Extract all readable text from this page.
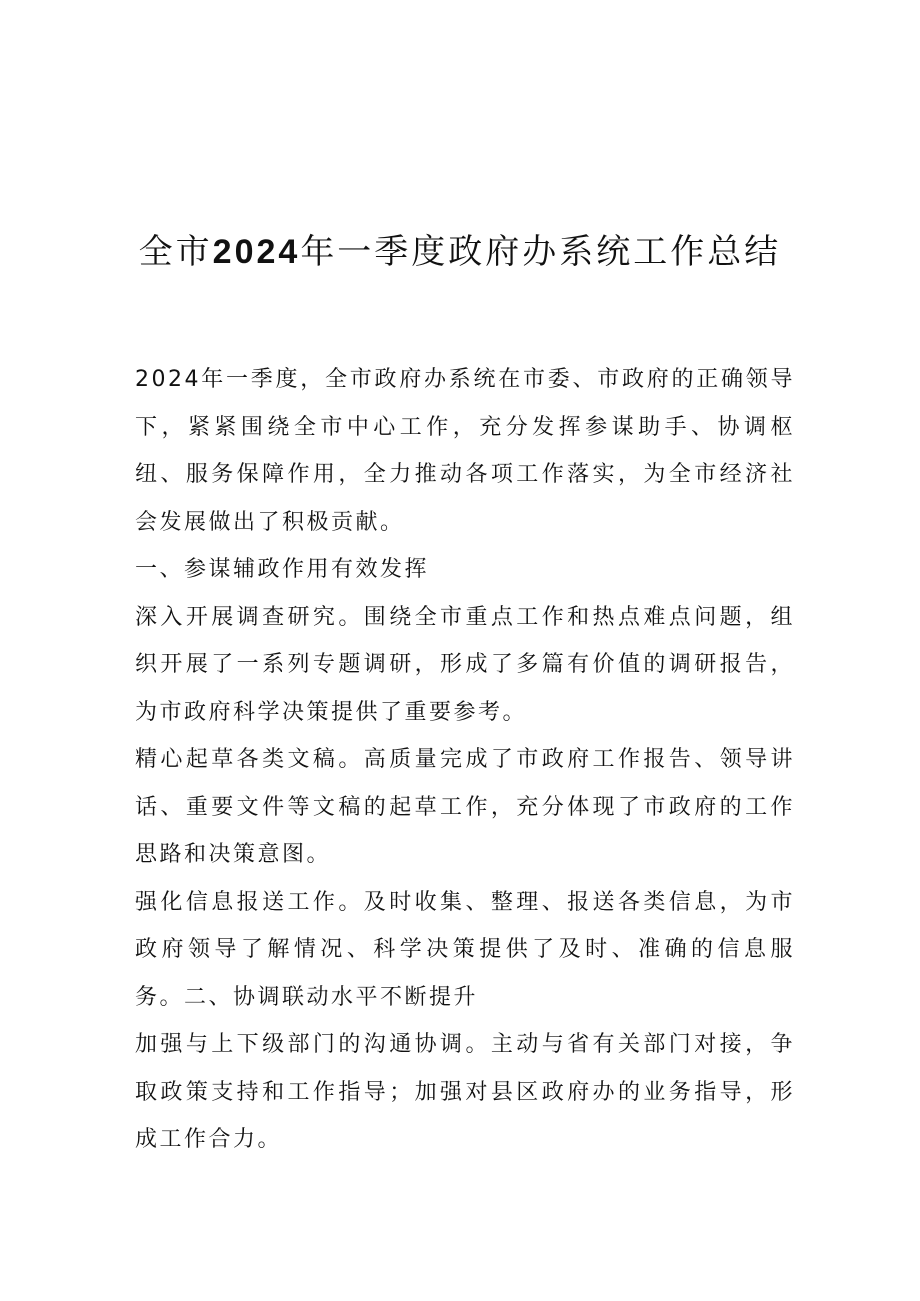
全市2024年一季度政府办系统工作总结

2024年一季度，全市政府办系统在市委、市政府的正确领导下，紧紧围绕全市中心工作，充分发挥参谋助手、协调枢纽、服务保障作用，全力推动各项工作落实，为全市经济社会发展做出了积极贡献。

一、参谋辅政作用有效发挥

深入开展调查研究。围绕全市重点工作和热点难点问题，组织开展了一系列专题调研，形成了多篇有价值的调研报告，为市政府科学决策提供了重要参考。

精心起草各类文稿。高质量完成了市政府工作报告、领导讲话、重要文件等文稿的起草工作，充分体现了市政府的工作思路和决策意图。

强化信息报送工作。及时收集、整理、报送各类信息，为市政府领导了解情况、科学决策提供了及时、准确的信息服务。二、协调联动水平不断提升

加强与上下级部门的沟通协调。主动与省有关部门对接，争取政策支持和工作指导；加强对县区政府办的业务指导，形成工作合力。
